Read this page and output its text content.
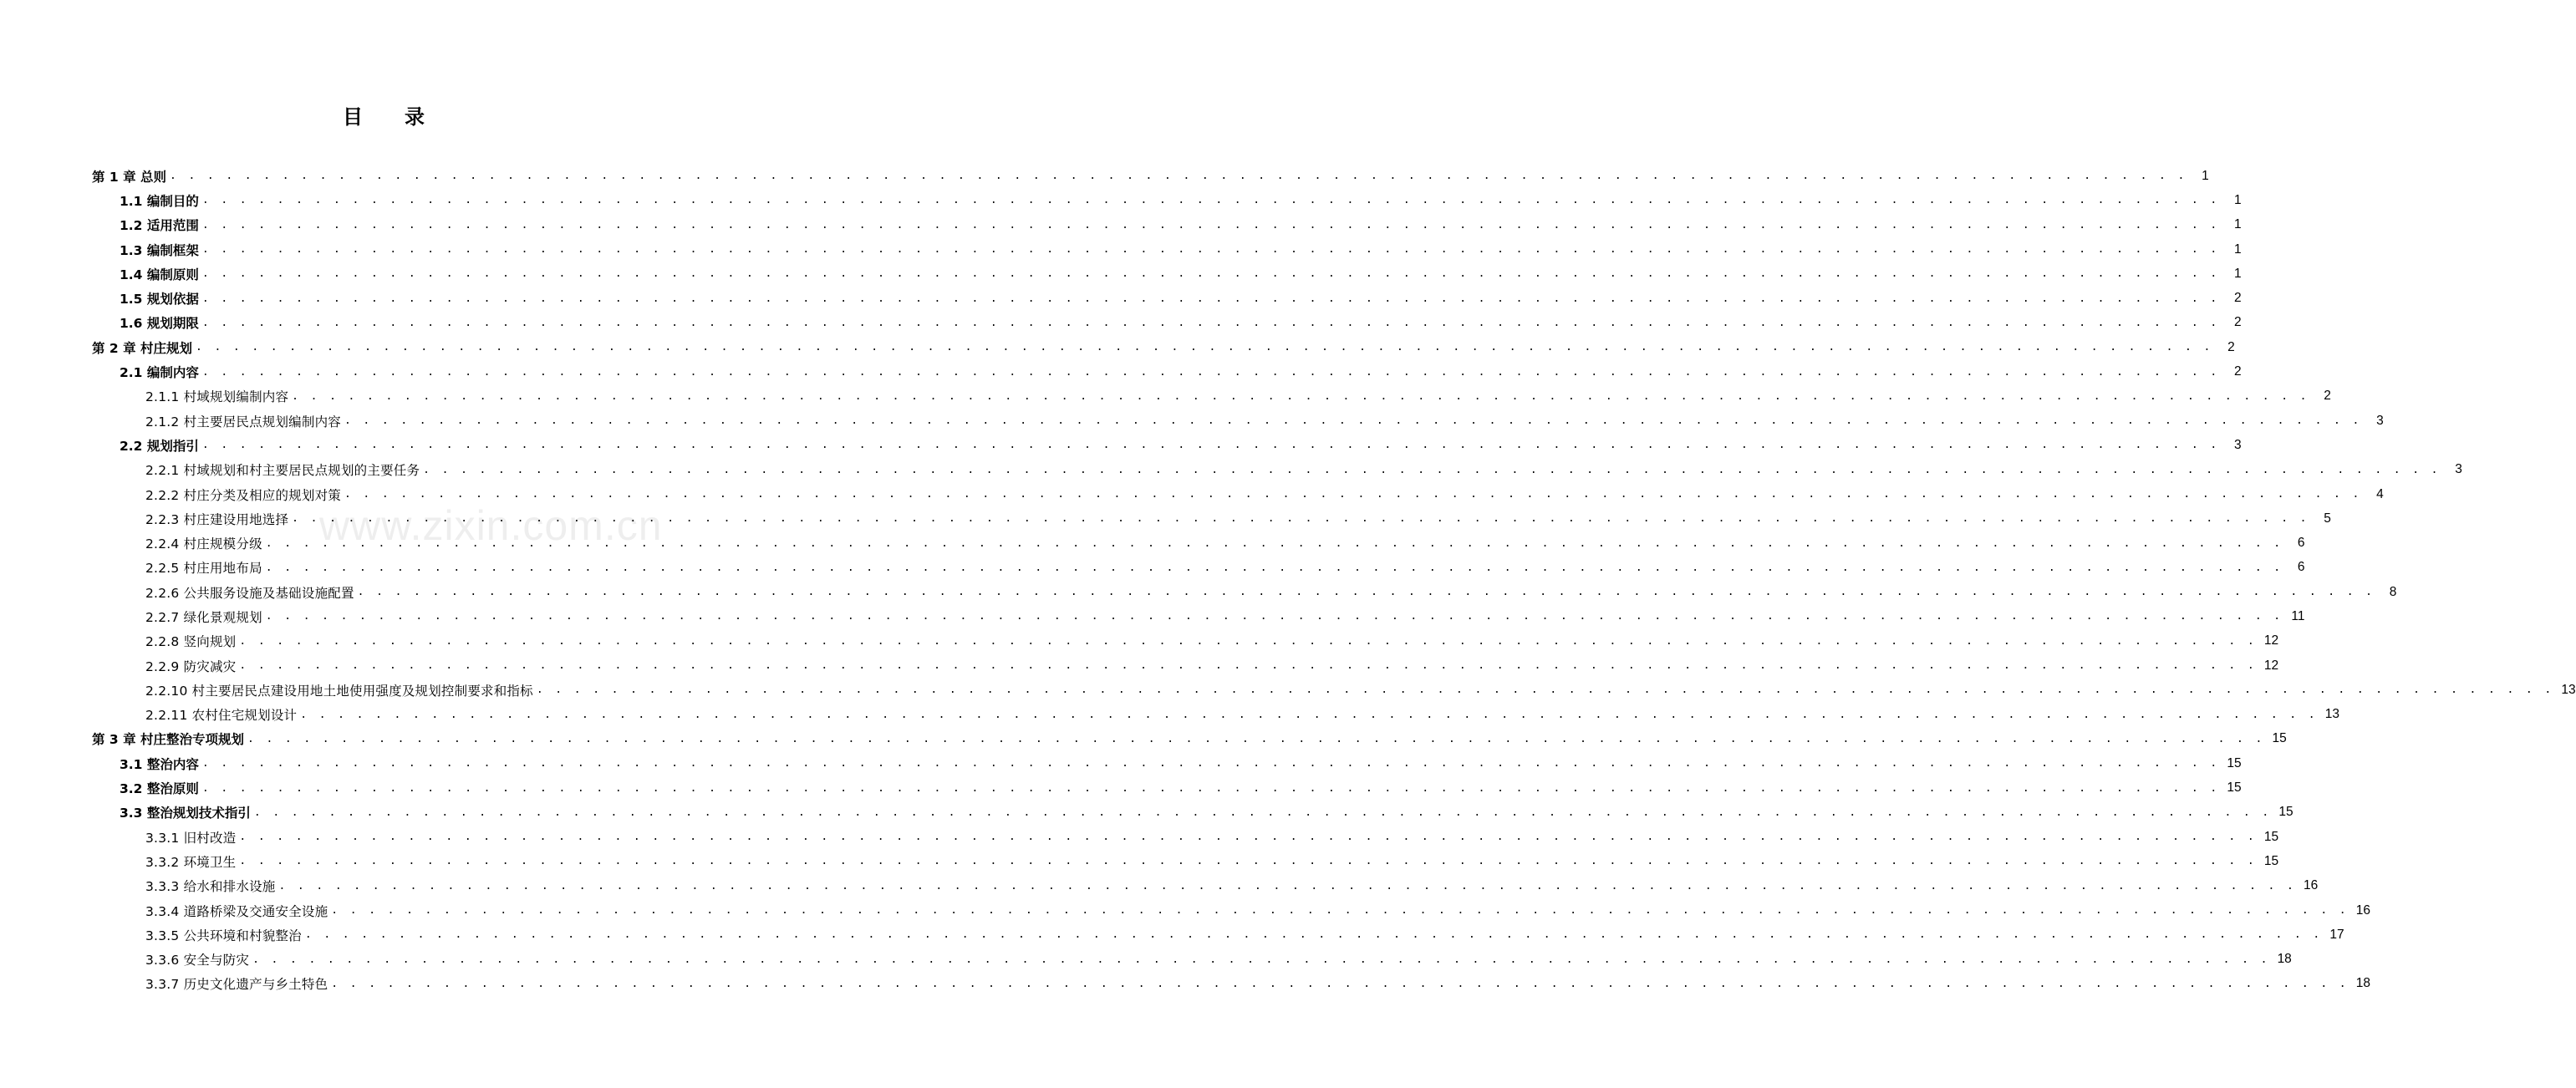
目 录
www.zixin.com.cn
第 1 章 总则 . . . . . . . . . . . . . . . . . . . . . . . . . . . . . . . . . . . . . . . . . . . . . . . . . . . . . . . . . . . . . . . . . . . . . . . . . . . . . . . . . . . . . . . . . . . . . . . . . . . . . . . . . . . .	1
1.1 编制目的 . . . . . . . . . . . . . . . . . . . . . . . . . . . . . . . . . . . . . . . . . . . . . . . . . . . . . . . . . . . . . . . . . . . . . . . . . . . . . . . . . . . . . . . . . . . . . . . . . . . . . . . . . . . .	1
1.2 适用范围 . . . . . . . . . . . . . . . . . . . . . . . . . . . . . . . . . . . . . . . . . . . . . . . . . . . . . . . . . . . . . . . . . . . . . . . . . . . . . . . . . . . . . . . . . . . . . . . . . . . . . . . . . . . .	1
1.3 编制框架 . . . . . . . . . . . . . . . . . . . . . . . . . . . . . . . . . . . . . . . . . . . . . . . . . . . . . . . . . . . . . . . . . . . . . . . . . . . . . . . . . . . . . . . . . . . . . . . . . . . . . . . . . . . .	1
1.4 编制原则 . . . . . . . . . . . . . . . . . . . . . . . . . . . . . . . . . . . . . . . . . . . . . . . . . . . . . . . . . . . . . . . . . . . . . . . . . . . . . . . . . . . . . . . . . . . . . . . . . . . . . . . . . . . .	1
1.5 规划依据 . . . . . . . . . . . . . . . . . . . . . . . . . . . . . . . . . . . . . . . . . . . . . . . . . . . . . . . . . . . . . . . . . . . . . . . . . . . . . . . . . . . . . . . . . . . . . . . . . . . . . . . . . . . .	2
1.6 规划期限 . . . . . . . . . . . . . . . . . . . . . . . . . . . . . . . . . . . . . . . . . . . . . . . . . . . . . . . . . . . . . . . . . . . . . . . . . . . . . . . . . . . . . . . . . . . . . . . . . . . . . . . . . . . .	2
第 2 章 村庄规划 . . . . . . . . . . . . . . . . . . . . . . . . . . . . . . . . . . . . . . . . . . . . . . . . . . . . . . . . . . . . . . . . . . . . . . . . . . . . . . . . . . . . . . . . . . . . . . . . . . . . . . . . . . . .	2
2.1 编制内容 . . . . . . . . . . . . . . . . . . . . . . . . . . . . . . . . . . . . . . . . . . . . . . . . . . . . . . . . . . . . . . . . . . . . . . . . . . . . . . . . . . . . . . . . . . . . . . . . . . . . . . . . . . . .	2
2.1.1 村域规划编制内容 . . . . . . . . . . . . . . . . . . . . . . . . . . . . . . . . . . . . . . . . . . . . . . . . . . . . . . . . . . . . . . . . . . . . . . . . . . . . . . . . . . . . . . . . . . . . . . . . . . . . . . . . . . . .	2
2.1.2 村主要居民点规划编制内容 . . . . . . . . . . . . . . . . . . . . . . . . . . . . . . . . . . . . . . . . . . . . . . . . . . . . . . . . . . . . . . . . . . . . . . . . . . . . . . . . . . . . . . . . . . . . . . . . . . . . . . . . . . . .	3
2.2 规划指引 . . . . . . . . . . . . . . . . . . . . . . . . . . . . . . . . . . . . . . . . . . . . . . . . . . . . . . . . . . . . . . . . . . . . . . . . . . . . . . . . . . . . . . . . . . . . . . . . . . . . . . . . . . . .	3
2.2.1 村域规划和村主要居民点规划的主要任务 . . . . . . . . . . . . . . . . . . . . . . . . . . . . . . . . . . . . . . . . . . . . . . . . . . . . . . . . . . . . . . . . . . . . . . . . . . . . . . . . . . . . . . . . . . . . . . . . . . . . . . . . . . . .	3
2.2.2 村庄分类及相应的规划对策 . . . . . . . . . . . . . . . . . . . . . . . . . . . . . . . . . . . . . . . . . . . . . . . . . . . . . . . . . . . . . . . . . . . . . . . . . . . . . . . . . . . . . . . . . . . . . . . . . . . . . . . . . . . .	4
2.2.3 村庄建设用地选择 . . . . . . . . . . . . . . . . . . . . . . . . . . . . . . . . . . . . . . . . . . . . . . . . . . . . . . . . . . . . . . . . . . . . . . . . . . . . . . . . . . . . . . . . . . . . . . . . . . . . . . . . . . . .	5
2.2.4 村庄规模分级 . . . . . . . . . . . . . . . . . . . . . . . . . . . . . . . . . . . . . . . . . . . . . . . . . . . . . . . . . . . . . . . . . . . . . . . . . . . . . . . . . . . . . . . . . . . . . . . . . . . . . . . . . . . .	6
2.2.5 村庄用地布局 . . . . . . . . . . . . . . . . . . . . . . . . . . . . . . . . . . . . . . . . . . . . . . . . . . . . . . . . . . . . . . . . . . . . . . . . . . . . . . . . . . . . . . . . . . . . . . . . . . . . . . . . . . . .	6
2.2.6 公共服务设施及基础设施配置 . . . . . . . . . . . . . . . . . . . . . . . . . . . . . . . . . . . . . . . . . . . . . . . . . . . . . . . . . . . . . . . . . . . . . . . . . . . . . . . . . . . . . . . . . . . . . . . . . . . . . . . . . . . .	8
2.2.7 绿化景观规划 . . . . . . . . . . . . . . . . . . . . . . . . . . . . . . . . . . . . . . . . . . . . . . . . . . . . . . . . . . . . . . . . . . . . . . . . . . . . . . . . . . . . . . . . . . . . . . . . . . . . . . . . . . . . 11
2.2.8 竖向规划 . . . . . . . . . . . . . . . . . . . . . . . . . . . . . . . . . . . . . . . . . . . . . . . . . . . . . . . . . . . . . . . . . . . . . . . . . . . . . . . . . . . . . . . . . . . . . . . . . . . . . . . . . . . . 12
2.2.9 防灾减灾 . . . . . . . . . . . . . . . . . . . . . . . . . . . . . . . . . . . . . . . . . . . . . . . . . . . . . . . . . . . . . . . . . . . . . . . . . . . . . . . . . . . . . . . . . . . . . . . . . . . . . . . . . . . . 12
2.2.10 村主要居民点建设用地土地使用强度及规划控制要求和指标 . . . . . . . . . . . . . . . . . . . . . . . . . . . . . . . . . . . . . . . . . . . . . . . . . . . . . . . . . . . . . . . . . . . . . . . . . . . . . . . . . . . . . . . . . . . . . . . . . . . . . . . . . . . . 13
2.2.11 农村住宅规划设计 . . . . . . . . . . . . . . . . . . . . . . . . . . . . . . . . . . . . . . . . . . . . . . . . . . . . . . . . . . . . . . . . . . . . . . . . . . . . . . . . . . . . . . . . . . . . . . . . . . . . . . . . . . . . 13
第 3 章 村庄整治专项规划 . . . . . . . . . . . . . . . . . . . . . . . . . . . . . . . . . . . . . . . . . . . . . . . . . . . . . . . . . . . . . . . . . . . . . . . . . . . . . . . . . . . . . . . . . . . . . . . . . . . . . . . . . . . . 15
3.1 整治内容 . . . . . . . . . . . . . . . . . . . . . . . . . . . . . . . . . . . . . . . . . . . . . . . . . . . . . . . . . . . . . . . . . . . . . . . . . . . . . . . . . . . . . . . . . . . . . . . . . . . . . . . . . . . . 15
3.2 整治原则 . . . . . . . . . . . . . . . . . . . . . . . . . . . . . . . . . . . . . . . . . . . . . . . . . . . . . . . . . . . . . . . . . . . . . . . . . . . . . . . . . . . . . . . . . . . . . . . . . . . . . . . . . . . . 15
3.3 整治规划技术指引 . . . . . . . . . . . . . . . . . . . . . . . . . . . . . . . . . . . . . . . . . . . . . . . . . . . . . . . . . . . . . . . . . . . . . . . . . . . . . . . . . . . . . . . . . . . . . . . . . . . . . . . . . . . . 15
3.3.1 旧村改造 . . . . . . . . . . . . . . . . . . . . . . . . . . . . . . . . . . . . . . . . . . . . . . . . . . . . . . . . . . . . . . . . . . . . . . . . . . . . . . . . . . . . . . . . . . . . . . . . . . . . . . . . . . . . 15
3.3.2 环境卫生 . . . . . . . . . . . . . . . . . . . . . . . . . . . . . . . . . . . . . . . . . . . . . . . . . . . . . . . . . . . . . . . . . . . . . . . . . . . . . . . . . . . . . . . . . . . . . . . . . . . . . . . . . . . . 15
3.3.3 给水和排水设施 . . . . . . . . . . . . . . . . . . . . . . . . . . . . . . . . . . . . . . . . . . . . . . . . . . . . . . . . . . . . . . . . . . . . . . . . . . . . . . . . . . . . . . . . . . . . . . . . . . . . . . . . . . . . 16
3.3.4 道路桥梁及交通安全设施 . . . . . . . . . . . . . . . . . . . . . . . . . . . . . . . . . . . . . . . . . . . . . . . . . . . . . . . . . . . . . . . . . . . . . . . . . . . . . . . . . . . . . . . . . . . . . . . . . . . . . . . . . . . . 16
3.3.5 公共环境和村貌整治 . . . . . . . . . . . . . . . . . . . . . . . . . . . . . . . . . . . . . . . . . . . . . . . . . . . . . . . . . . . . . . . . . . . . . . . . . . . . . . . . . . . . . . . . . . . . . . . . . . . . . . . . . . . . 17
3.3.6 安全与防灾 . . . . . . . . . . . . . . . . . . . . . . . . . . . . . . . . . . . . . . . . . . . . . . . . . . . . . . . . . . . . . . . . . . . . . . . . . . . . . . . . . . . . . . . . . . . . . . . . . . . . . . . . . . . . 18
3.3.7 历史文化遗产与乡土特色 . . . . . . . . . . . . . . . . . . . . . . . . . . . . . . . . . . . . . . . . . . . . . . . . . . . . . . . . . . . . . . . . . . . . . . . . . . . . . . . . . . . . . . . . . . . . . . . . . . . . . . . . . . . . 18
